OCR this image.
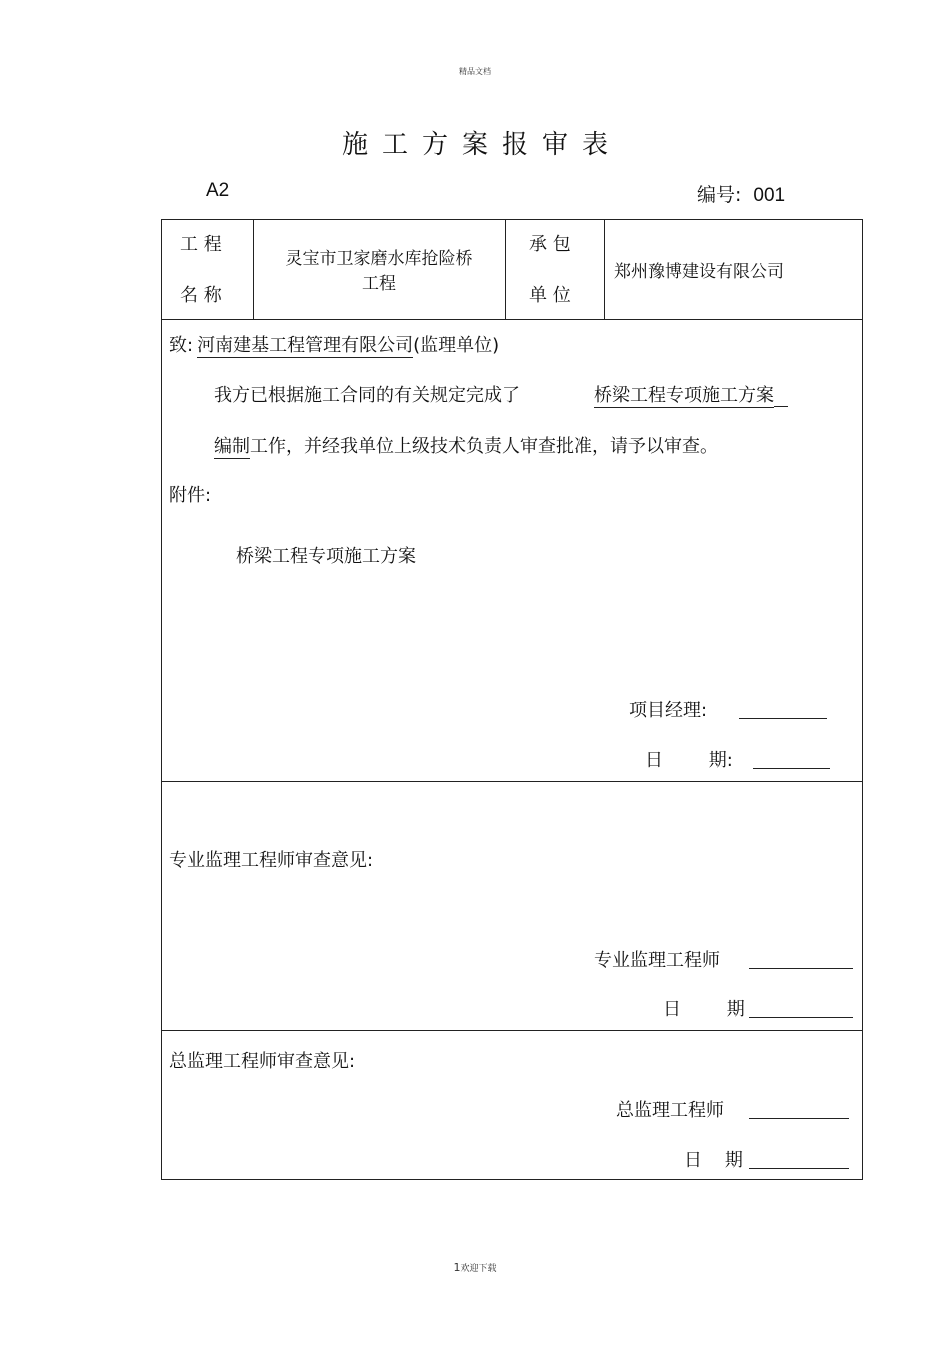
精品文档
施工方案报审表
A2	编号: 001
工 程
名 称
灵宝市卫家磨水库抢险桥
工程
承 包
单 位
郑州豫博建设有限公司
致: 河南建基工程管理有限公司(监理单位)
我方已根据施工合同的有关规定完成了	桥梁工程专项施工方案
编制工作，并经我单位上级技术负责人审查批准，请予以审查。
附件:
桥梁工程专项施工方案
项目经理:
日        期:
专业监理工程师审查意见:
专业监理工程师
日        期
总监理工程师审查意见:
总监理工程师
日    期
1欢迎下载
